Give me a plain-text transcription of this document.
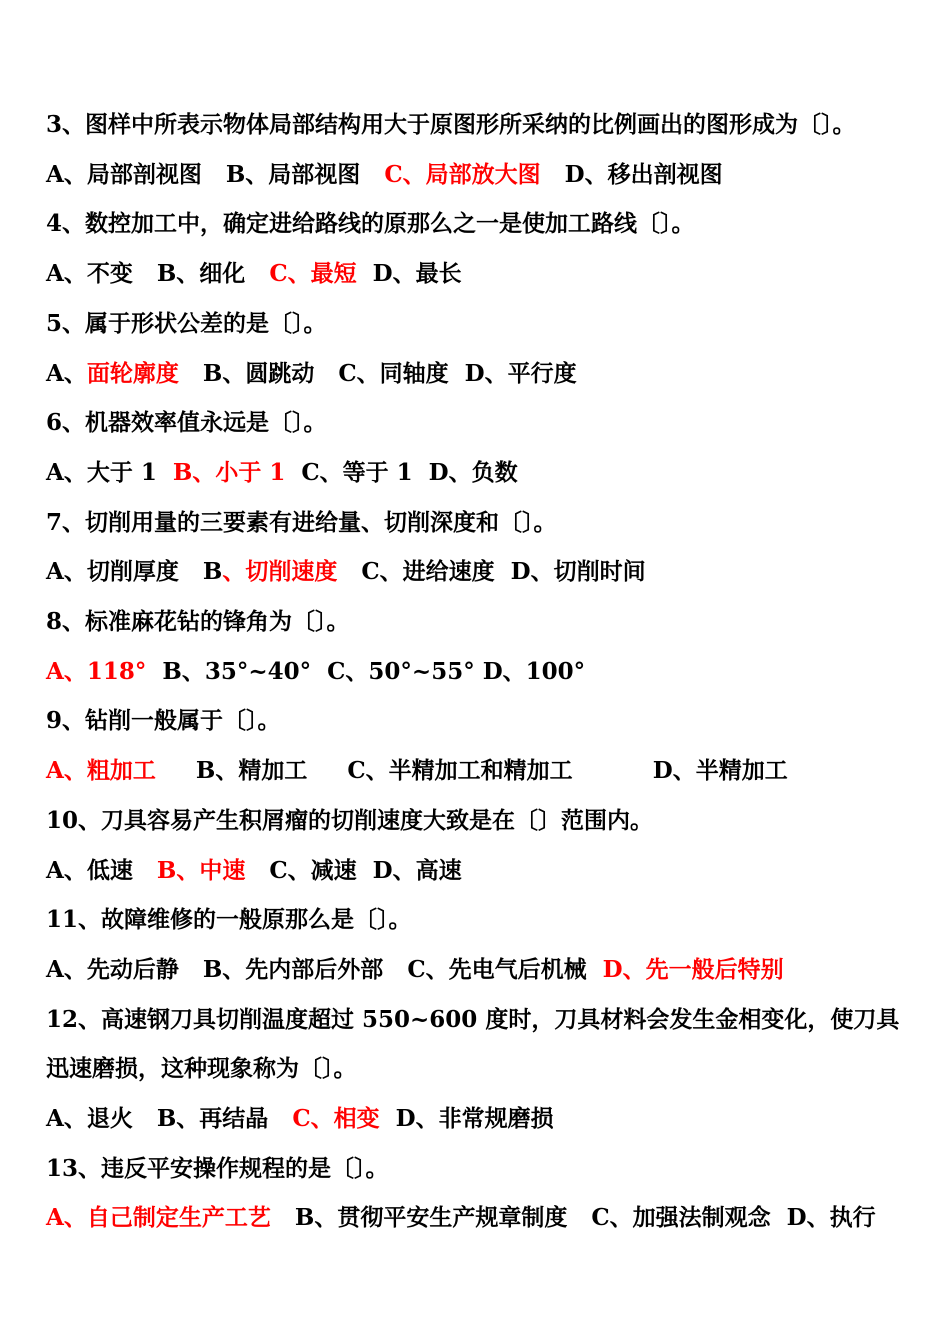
3、图样中所表示物体局部结构用大于原图形所采纳的比例画出的图形成为〔〕。
A、局部剖视图   B、局部视图   C、局部放大图   D、移出剖视图
4、数控加工中，确定进给路线的原那么之一是使加工路线〔〕。
A、不变   B、细化   C、最短  D、最长
5、属于形状公差的是〔〕。
A、面轮廓度   B、圆跳动   C、同轴度  D、平行度
6、机器效率值永远是〔〕。
A、大于 1  B、小于 1  C、等于 1  D、负数
7、切削用量的三要素有进给量、切削深度和〔〕。
A、切削厚度   B、切削速度   C、进给速度  D、切削时间
8、标准麻花钻的锋角为〔〕。
A、118°  B、35°~40°  C、50°~55° D、100°
9、钻削一般属于〔〕。
A、粗加工     B、精加工     C、半精加工和精加工          D、半精加工
10、刀具容易产生积屑瘤的切削速度大致是在〔〕范围内。
A、低速   B、中速   C、减速  D、高速
11、故障维修的一般原那么是〔〕。
A、先动后静   B、先内部后外部   C、先电气后机械  D、先一般后特别
12、高速钢刀具切削温度超过 550~600 度时，刀具材料会发生金相变化，使刀具
迅速磨损，这种现象称为〔〕。
A、退火   B、再结晶   C、相变  D、非常规磨损
13、违反平安操作规程的是〔〕。
A、自己制定生产工艺   B、贯彻平安生产规章制度   C、加强法制观念  D、执行
